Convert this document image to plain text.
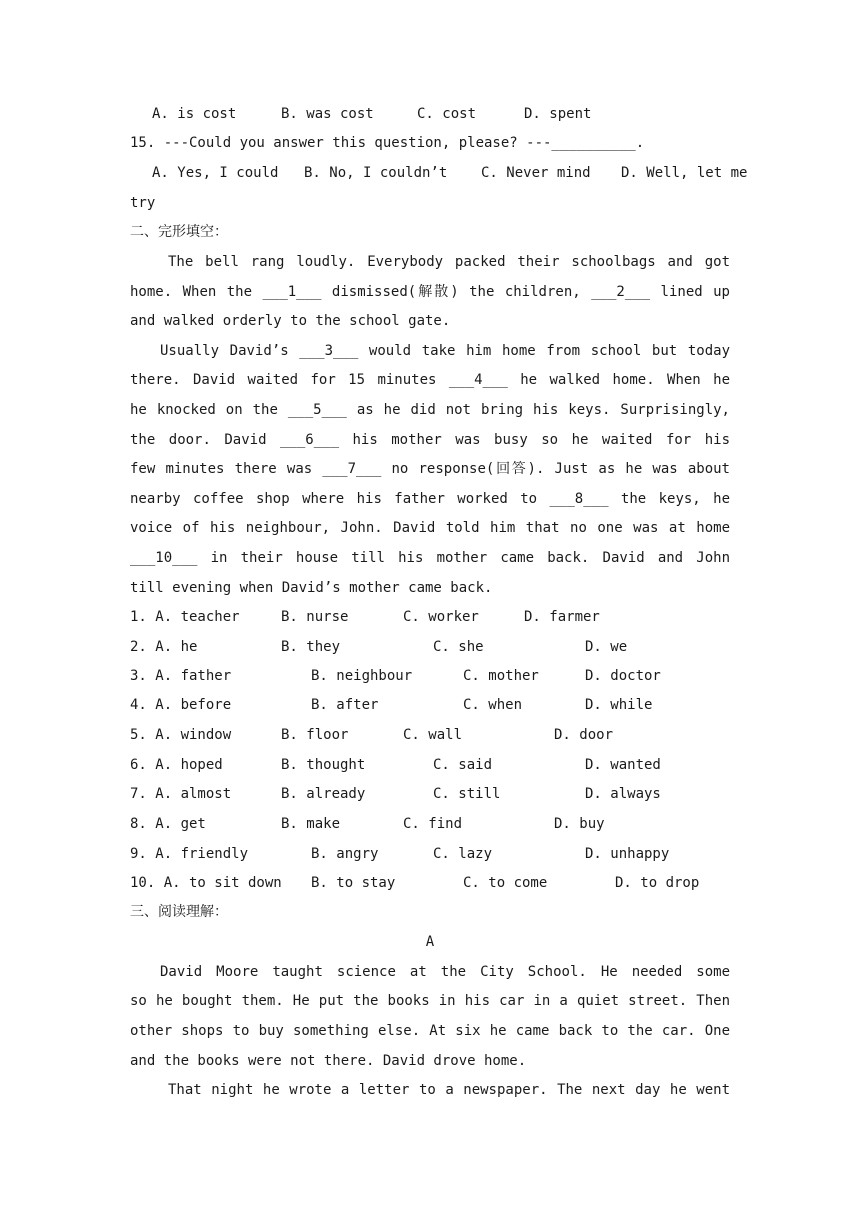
A. is cost	B. was cost	C. cost	D. spent
15. ---Could you answer this question, please? ---__________.
A. Yes, I could B. No, I couldn’t C. Never mind D. Well, let me
try
二、完形填空：
The bell rang loudly. Everybody packed their schoolbags and got
home. When the ___1___ dismissed(解散) the children, ___2___ lined up
and walked orderly to the school gate.
Usually David’s ___3___ would take him home from school but today
there. David waited for 15 minutes ___4___ he walked home. When he
he knocked on the ___5___ as he did not bring his keys. Surprisingly,
the door. David ___6___ his mother was busy so he waited for his
few minutes there was ___7___ no response(回答). Just as he was about
nearby coffee shop where his father worked to ___8___ the keys, he
voice of his neighbour, John. David told him that no one was at home
___10___ in their house till his mother came back. David and John
till evening when David’s mother came back.
1. A. teacher	B. nurse	C. worker	D. farmer
2. A. he	B. they	C. she	D. we
3. A. father	B. neighbour	C. mother	D. doctor
4. A. before	B. after	C. when	D. while
5. A. window	B. floor	C. wall	D. door
6. A. hoped	B. thought	C. said	D. wanted
7. A. almost	B. already	C. still	D. always
8. A. get	B. make	C. find	D. buy
9. A. friendly	B. angry	C. lazy	D. unhappy
10. A. to sit down B. to stay	C. to come	D. to drop
三、阅读理解：
A
David Moore taught science at the City School. He needed some
so he bought them. He put the books in his car in a quiet street. Then
other shops to buy something else. At six he came back to the car. One
and the books were not there. David drove home.
That night he wrote a letter to a newspaper. The next day he went
